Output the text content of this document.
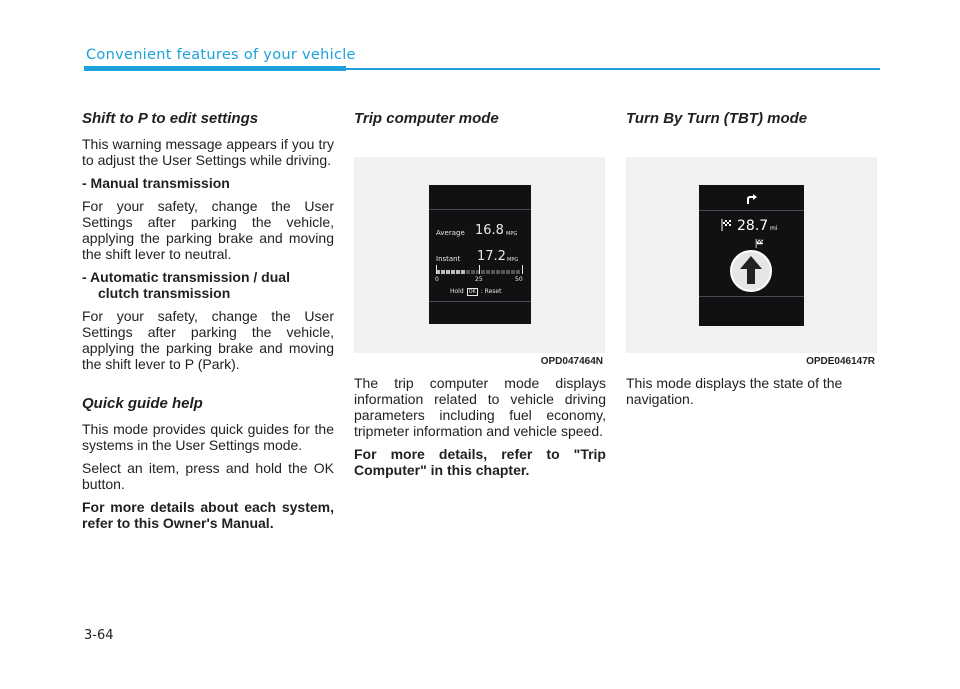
Convenient features of your vehicle
Shift to P to edit settings

This warning message appears if you try to adjust the User Settings while driving.

- Manual transmission

For your safety, change the User Settings after parking the vehicle, applying the parking brake and moving the shift lever to neutral.

- Automatic transmission / dual clutch transmission

For your safety, change the User Settings after parking the vehicle, applying the parking brake and moving the shift lever to P (Park).

Quick guide help

This mode provides quick guides for the systems in the User Settings mode.

Select an item, press and hold the OK button.

For more details about each system, refer to this Owner's Manual.

Trip computer mode
Average 16.8 MPG
Instant 17.2 MPG
0	25	50
Hold OK : Reset
OPD047464N

The trip computer mode displays information related to vehicle driving parameters including fuel economy, tripmeter information and vehicle speed.

For more details, refer to "Trip Computer" in this chapter.

Turn By Turn (TBT) mode
28.7 mi
OPDE046147R

This mode displays the state of the navigation.

3-64
